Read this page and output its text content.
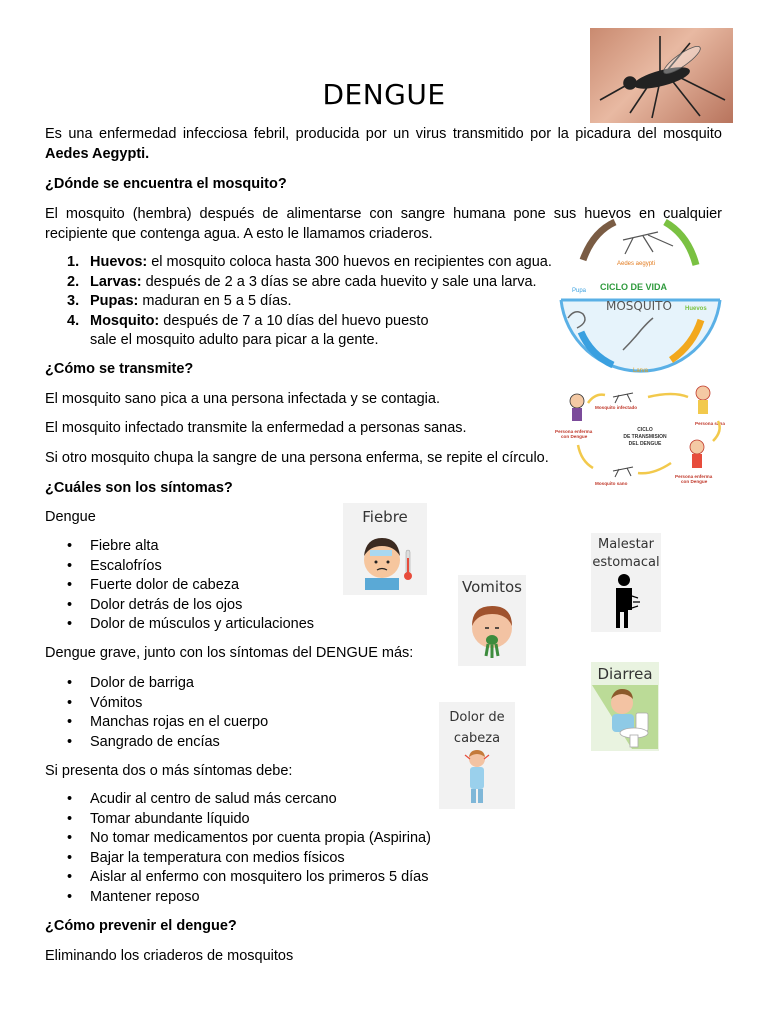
DENGUE
Es una enfermedad infecciosa febril, producida por un virus transmitido por la picadura del mosquito Aedes Aegypti.
¿Dónde se encuentra el mosquito?
El mosquito (hembra) después de alimentarse con sangre humana pone sus huevos en cualquier recipiente que contenga agua. A esto le llamamos criaderos.
1. Huevos: el mosquito coloca hasta 300 huevos en recipientes con agua.
2. Larvas: después de 2 a 3 días se abre cada huevito y sale una larva.
3. Pupas: maduran en 5 a 5 días.
4. Mosquito: después de 7 a 10 días del huevo puesto
sale el mosquito adulto para picar a la gente.
Aedes aegypti
CICLO DE VIDA
MOSQUITO Huevos
Pupa
Larva
¿Cómo se transmite?
El mosquito sano pica a una persona infectada y se contagia.
El mosquito infectado transmite la enfermedad a personas sanas.
Si otro mosquito chupa la sangre de una persona enferma, se repite el círculo.
Mosquito infectado
Persona sana
Persona enferma
con Dengue
Persona enferma
con Dengue
Mosquito sano
CICLO
DE TRANSMISION
DEL DENGUE
¿Cuáles son los síntomas?
Dengue
• Fiebre alta
• Escalofríos
• Fuerte dolor de cabeza
• Dolor detrás de los ojos
• Dolor de músculos y articulaciones
Dengue grave, junto con los síntomas del DENGUE más:
• Dolor de barriga
• Vómitos
• Manchas rojas en el cuerpo
• Sangrado de encías
Si presenta dos o más síntomas debe:
• Acudir al centro de salud más cercano
• Tomar abundante líquido
• No tomar medicamentos por cuenta propia (Aspirina)
• Bajar la temperatura con medios físicos
• Aislar al enfermo con mosquitero los primeros 5 días
• Mantener reposo
¿Cómo prevenir el dengue?
Eliminando los criaderos de mosquitos
Fiebre
Malestar
estomacal
Vomitos
Diarrea
Dolor de
cabeza
